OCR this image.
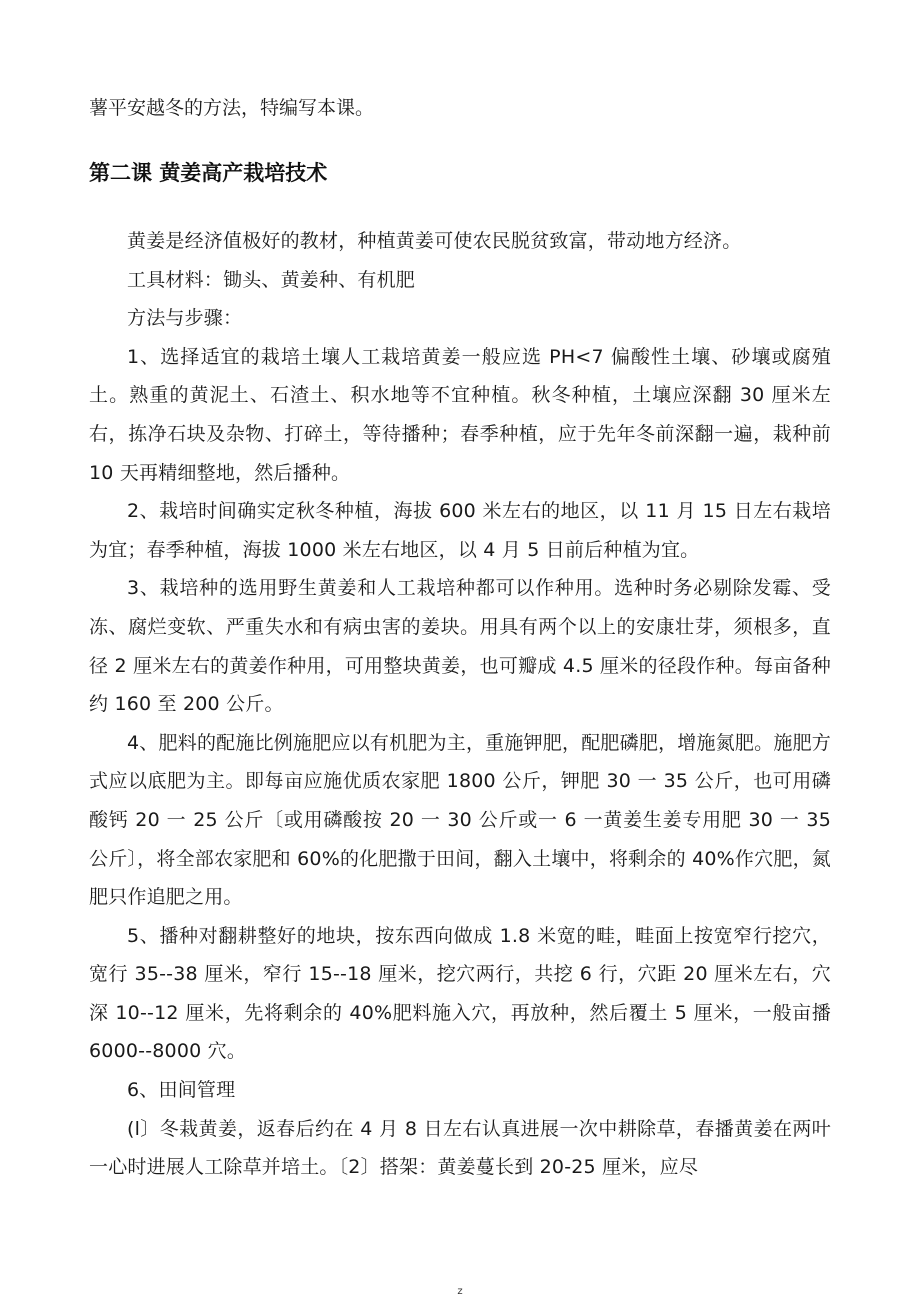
薯平安越冬的方法，特编写本课。
第二课 黄姜高产栽培技术

黄姜是经济值极好的教材，种植黄姜可使农民脱贫致富，带动地方经济。

工具材料：锄头、黄姜种、有机肥

方法与步骤：

1、选择适宜的栽培土壤人工栽培黄姜一般应选 PH<7 偏酸性土壤、砂壤或腐殖土。熟重的黄泥土、石渣土、积水地等不宜种植。秋冬种植，土壤应深翻 30 厘米左右，拣净石块及杂物、打碎土，等待播种；春季种植，应于先年冬前深翻一遍，栽种前 10 天再精细整地，然后播种。

2、栽培时间确实定秋冬种植，海拔 600 米左右的地区，以 11 月 15 日左右栽培为宜；春季种植，海拔 1000 米左右地区，以 4 月 5 日前后种植为宜。

3、栽培种的选用野生黄姜和人工栽培种都可以作种用。选种时务必剔除发霉、受冻、腐烂变软、严重失水和有病虫害的姜块。用具有两个以上的安康壮芽，须根多，直径 2 厘米左右的黄姜作种用，可用整块黄姜，也可瓣成 4.5 厘米的径段作种。每亩备种约 160 至 200 公斤。

4、肥料的配施比例施肥应以有机肥为主，重施钾肥，配肥磷肥，增施氮肥。施肥方式应以底肥为主。即每亩应施优质农家肥 1800 公斤，钾肥 30 一 35 公斤，也可用磷酸钙 20 一 25 公斤〔或用磷酸按 20 一 30 公斤或一 6 一黄姜生姜专用肥 30 一 35 公斤〕，将全部农家肥和 60%的化肥撒于田间，翻入土壤中，将剩余的 40%作穴肥，氮肥只作追肥之用。

5、播种对翻耕整好的地块，按东西向做成 1.8 米宽的畦，畦面上按宽窄行挖穴，宽行 35--38 厘米，窄行 15--18 厘米，挖穴两行，共挖 6 行，穴距 20 厘米左右，穴深 10--12 厘米，先将剩余的 40%肥料施入穴，再放种，然后覆土 5 厘米，一般亩播 6000--8000 穴。

6、田间管理

(l〕冬栽黄姜，返春后约在 4 月 8 日左右认真进展一次中耕除草，春播黄姜在两叶一心时进展人工除草并培土。〔2〕搭架：黄姜蔓长到 20-25 厘米，应尽

z
